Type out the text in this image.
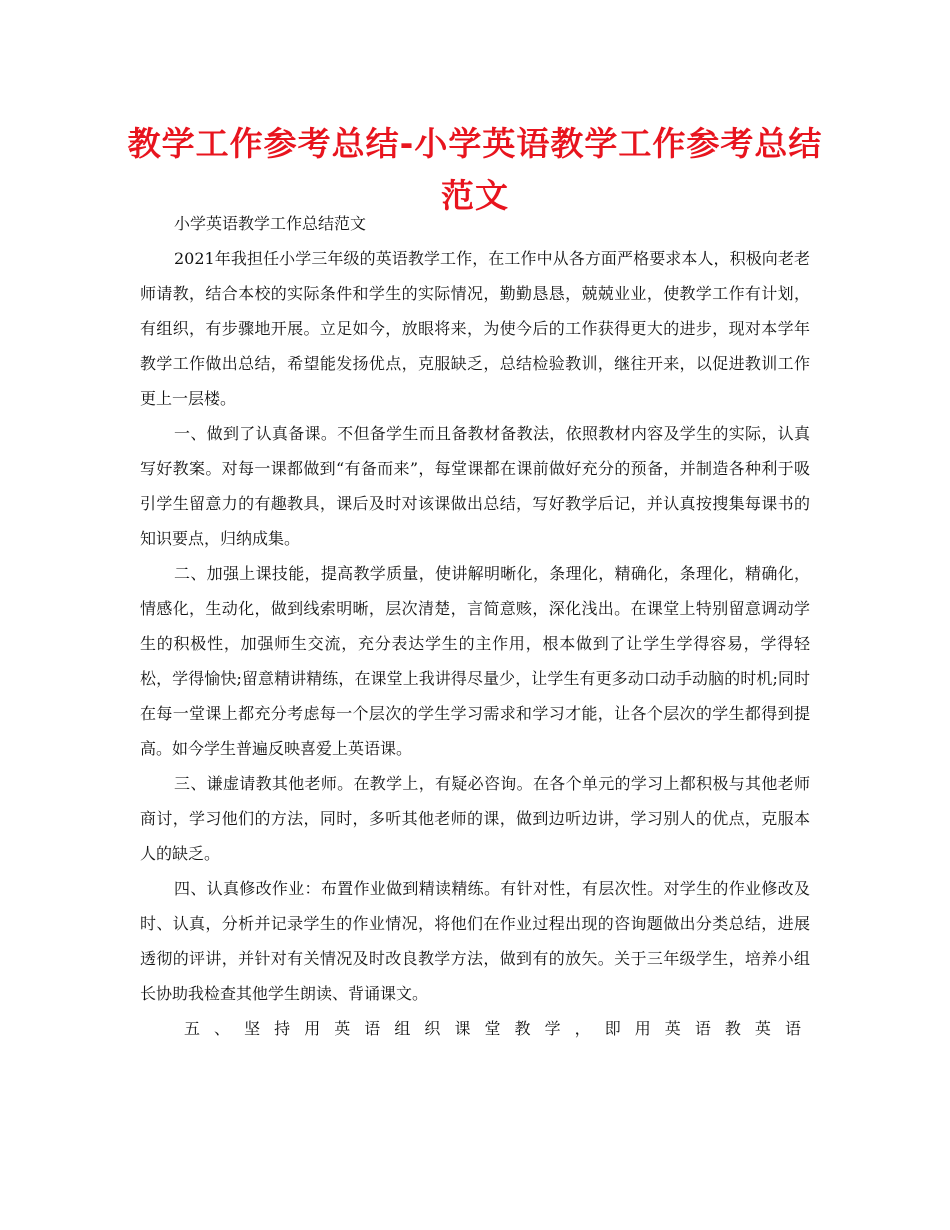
教学工作参考总结-小学英语教学工作参考总结范文

小学英语教学工作总结范文

2021年我担任小学三年级的英语教学工作，在工作中从各方面严格要求本人，积极向老老师请教，结合本校的实际条件和学生的实际情况，勤勤恳恳，兢兢业业，使教学工作有计划，有组织，有步骤地开展。立足如今，放眼将来，为使今后的工作获得更大的进步，现对本学年教学工作做出总结，希望能发扬优点，克服缺乏，总结检验教训，继往开来，以促进教训工作更上一层楼。

一、做到了认真备课。不但备学生而且备教材备教法，依照教材内容及学生的实际，认真写好教案。对每一课都做到“有备而来”，每堂课都在课前做好充分的预备，并制造各种利于吸引学生留意力的有趣教具，课后及时对该课做出总结，写好教学后记，并认真按搜集每课书的知识要点，归纳成集。

二、加强上课技能，提高教学质量，使讲解明晰化，条理化，精确化，条理化，精确化，情感化，生动化，做到线索明晰，层次清楚，言简意赅，深化浅出。在课堂上特别留意调动学生的积极性，加强师生交流，充分表达学生的主作用，根本做到了让学生学得容易，学得轻松，学得愉快;留意精讲精练，在课堂上我讲得尽量少，让学生有更多动口动手动脑的时机;同时在每一堂课上都充分考虑每一个层次的学生学习需求和学习才能，让各个层次的学生都得到提高。如今学生普遍反映喜爱上英语课。

三、谦虚请教其他老师。在教学上，有疑必咨询。在各个单元的学习上都积极与其他老师商讨，学习他们的方法，同时，多听其他老师的课，做到边听边讲，学习别人的优点，克服本人的缺乏。

四、认真修改作业：布置作业做到精读精练。有针对性，有层次性。对学生的作业修改及时、认真，分析并记录学生的作业情况，将他们在作业过程出现的咨询题做出分类总结，进展透彻的评讲，并针对有关情况及时改良教学方法，做到有的放矢。关于三年级学生，培养小组长协助我检查其他学生朗读、背诵课文。

五、坚持用英语组织课堂教学，即用英语教英语
